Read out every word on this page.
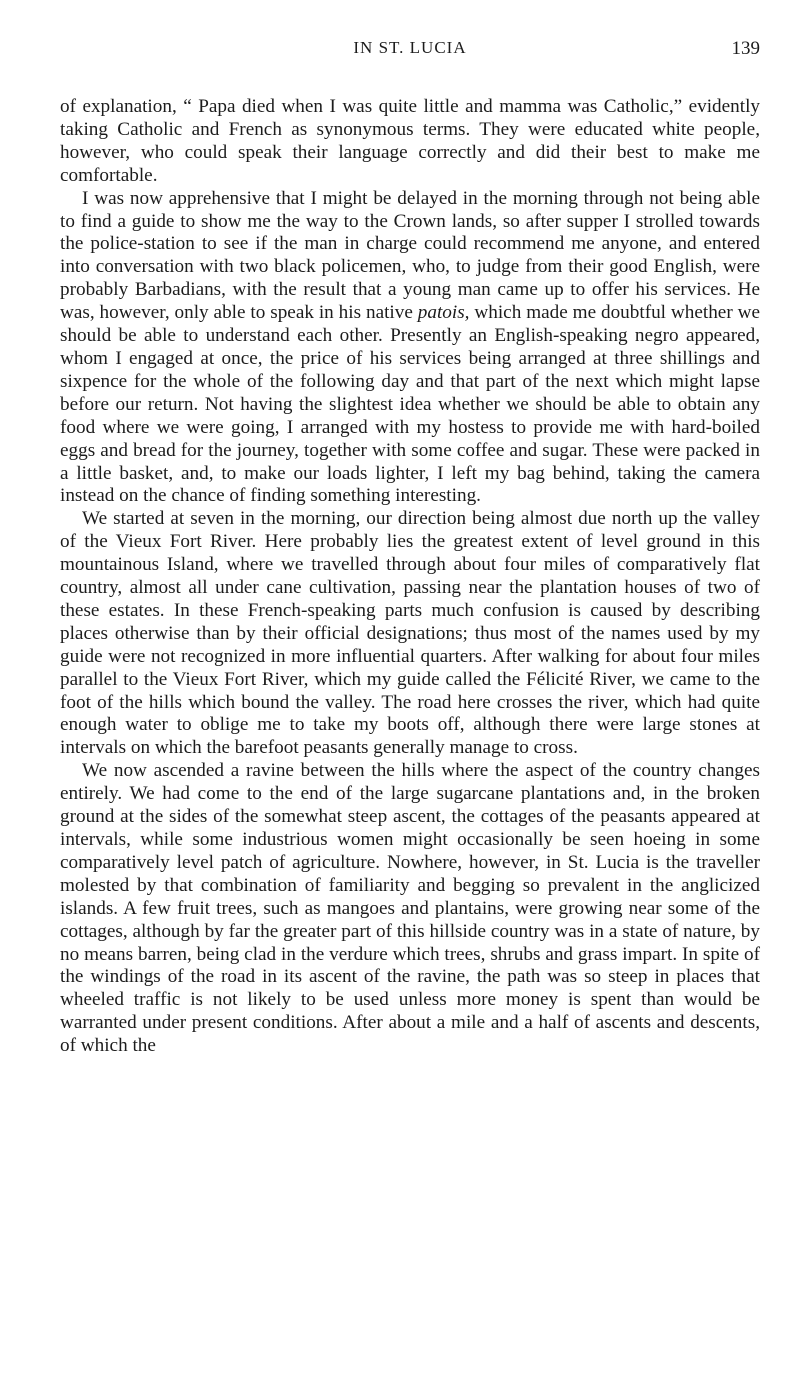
IN ST. LUCIA	139

of explanation, “ Papa died when I was quite little and mamma was Catholic,” evidently taking Catholic and French as synonymous terms. They were educated white people, however, who could speak their language correctly and did their best to make me comfortable.

I was now apprehensive that I might be delayed in the morning through not being able to find a guide to show me the way to the Crown lands, so after supper I strolled towards the police-station to see if the man in charge could recommend me anyone, and entered into conversation with two black policemen, who, to judge from their good English, were probably Barbadians, with the result that a young man came up to offer his services. He was, however, only able to speak in his native patois, which made me doubtful whether we should be able to understand each other. Presently an English-speaking negro appeared, whom I engaged at once, the price of his services being arranged at three shillings and sixpence for the whole of the following day and that part of the next which might lapse before our return. Not having the slightest idea whether we should be able to obtain any food where we were going, I arranged with my hostess to provide me with hard-boiled eggs and bread for the journey, together with some coffee and sugar. These were packed in a little basket, and, to make our loads lighter, I left my bag behind, taking the camera instead on the chance of finding something interesting.

We started at seven in the morning, our direction being almost due north up the valley of the Vieux Fort River. Here probably lies the greatest extent of level ground in this mountainous Island, where we travelled through about four miles of comparatively flat country, almost all under cane cultivation, passing near the plantation houses of two of these estates. In these French-speaking parts much confusion is caused by describing places otherwise than by their official designations; thus most of the names used by my guide were not recognized in more influential quarters. After walking for about four miles parallel to the Vieux Fort River, which my guide called the Félicité River, we came to the foot of the hills which bound the valley. The road here crosses the river, which had quite enough water to oblige me to take my boots off, although there were large stones at intervals on which the barefoot peasants generally manage to cross.

We now ascended a ravine between the hills where the aspect of the country changes entirely. We had come to the end of the large sugarcane plantations and, in the broken ground at the sides of the somewhat steep ascent, the cottages of the peasants appeared at intervals, while some industrious women might occasionally be seen hoeing in some comparatively level patch of agriculture. Nowhere, however, in St. Lucia is the traveller molested by that combination of familiarity and begging so prevalent in the anglicized islands. A few fruit trees, such as mangoes and plantains, were growing near some of the cottages, although by far the greater part of this hillside country was in a state of nature, by no means barren, being clad in the verdure which trees, shrubs and grass impart. In spite of the windings of the road in its ascent of the ravine, the path was so steep in places that wheeled traffic is not likely to be used unless more money is spent than would be warranted under present conditions. After about a mile and a half of ascents and descents, of which the
